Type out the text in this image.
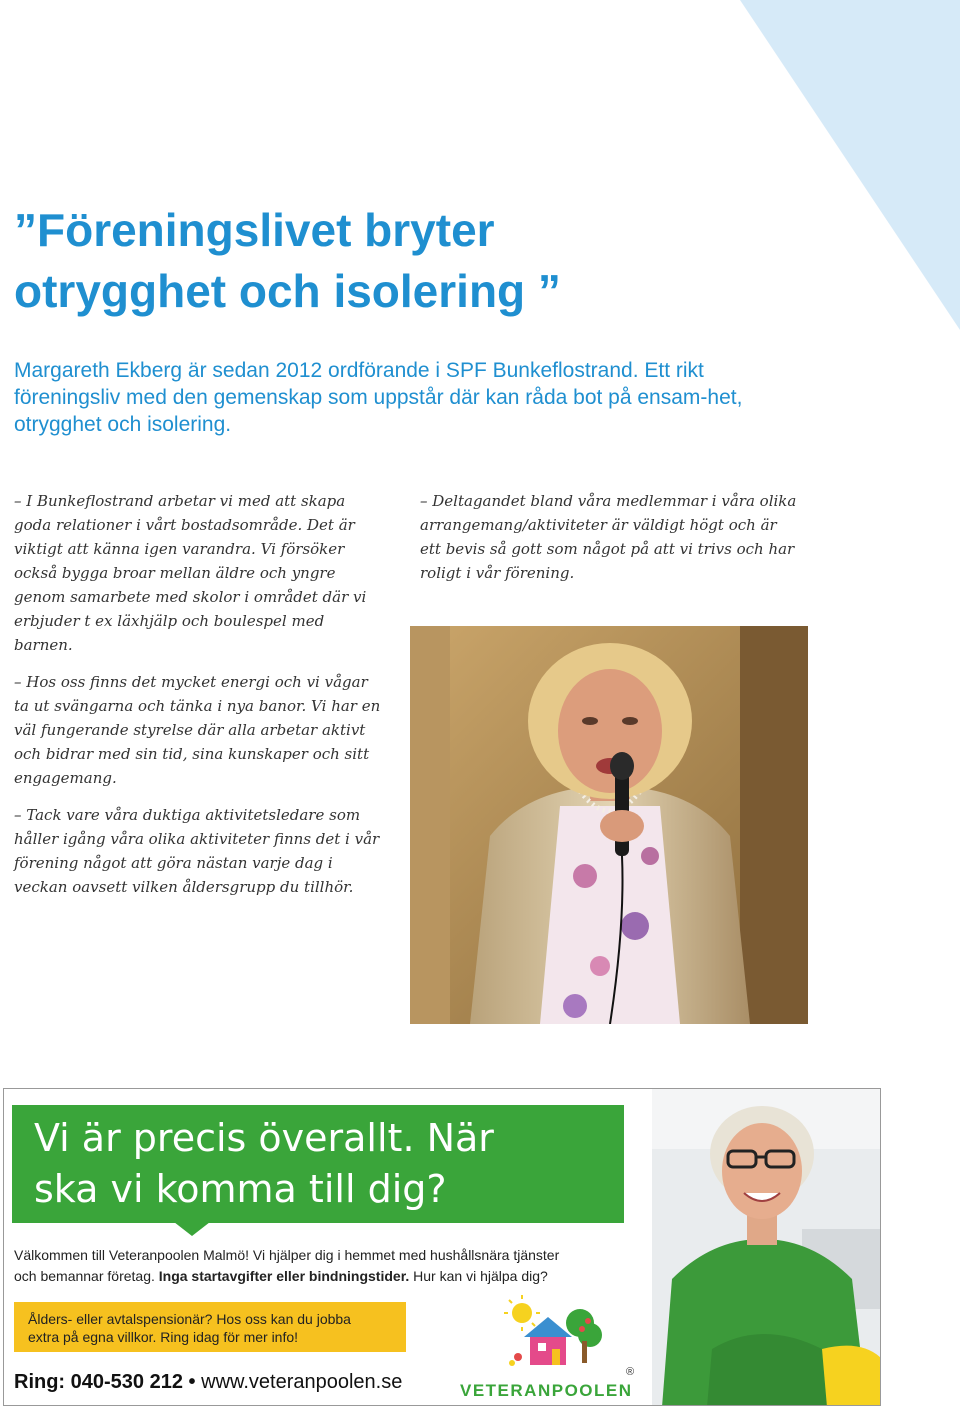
”Föreningslivet bryter
otrygghet och isolering ”

Margareth Ekberg är sedan 2012 ordförande i SPF Bunkeflostrand. Ett rikt föreningsliv med den gemenskap som uppstår där kan råda bot på ensam-het, otrygghet och isolering.

– I Bunkeflostrand arbetar vi med att skapa goda relationer i vårt bostadsområde. Det är viktigt att känna igen varandra. Vi försöker också bygga broar mellan äldre och yngre genom samarbete med skolor i området där vi erbjuder t ex läxhjälp och boulespel med barnen.

– Hos oss finns det mycket energi och vi vågar ta ut svängarna och tänka i nya banor. Vi har en väl fungerande styrelse där alla arbetar aktivt och bidrar med sin tid, sina kunskaper och sitt engagemang.

– Tack vare våra duktiga aktivitetsledare som håller igång våra olika aktiviteter finns det i vår förening något att göra nästan varje dag i veckan oavsett vilken åldersgrupp du tillhör.

– Deltagandet bland våra medlemmar i våra olika arrangemang/aktiviteter är väldigt högt och är ett bevis så gott som något på att vi trivs och har roligt i vår förening.

Vi är precis överallt. När
ska vi komma till dig?

Välkommen till Veteranpoolen Malmö! Vi hjälper dig i hemmet med hushållsnära tjänster
och bemannar företag. Inga startavgifter eller bindningstider. Hur kan vi hjälpa dig?

Ålders- eller avtalspensionär? Hos oss kan du jobba
extra på egna villkor. Ring idag för mer info!

Ring: 040-530 212 • www.veteranpoolen.se	VETERANPOOLEN
®
